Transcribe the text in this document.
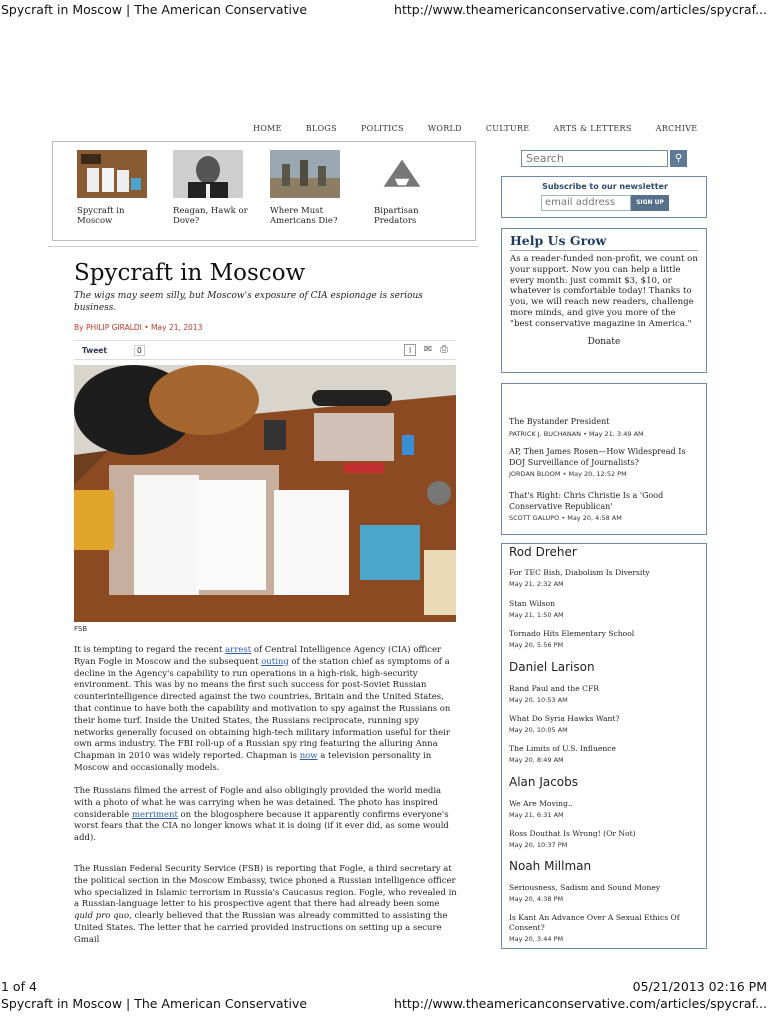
Spycraft in Moscow | The American Conservative	http://www.theamericanconservative.com/articles/spycraf...
HOME	BLOGS	POLITICS	WORLD	CULTURE	ARTS & LETTERS	ARCHIVE
Spycraft in Moscow
Reagan, Hawk or Dove?
Where Must Americans Die?
Bipartisan Predators
Spycraft in Moscow
The wigs may seem silly, but Moscow's exposure of CIA espionage is serious business.
By PHILIP GIRALDI • May 21, 2013
Tweet	0	I	✉ ⎙
FSB

It is tempting to regard the recent arrest of Central Intelligence Agency (CIA) officer Ryan Fogle in Moscow and the subsequent outing of the station chief as symptoms of a decline in the Agency's capability to run operations in a high-risk, high-security environment. This was by no means the first such success for post-Soviet Russian counterintelligence directed against the two countries, Britain and the United States, that continue to have both the capability and motivation to spy against the Russians on their home turf. Inside the United States, the Russians reciprocate, running spy networks generally focused on obtaining high-tech military information useful for their own arms industry. The FBI roll-up of a Russian spy ring featuring the alluring Anna Chapman in 2010 was widely reported. Chapman is now a television personality in Moscow and occasionally models.

The Russians filmed the arrest of Fogle and also obligingly provided the world media with a photo of what he was carrying when he was detained. The photo has inspired considerable merriment on the blogosphere because it apparently confirms everyone's worst fears that the CIA no longer knows what it is doing (if it ever did, as some would add).

The Russian Federal Security Service (FSB) is reporting that Fogle, a third secretary at the political section in the Moscow Embassy, twice phoned a Russian intelligence officer who specialized in Islamic terrorism in Russia's Caucasus region. Fogle, who revealed in a Russian-language letter to his prospective agent that there had already been some quid pro quo, clearly believed that the Russian was already committed to assisting the United States. The letter that he carried provided instructions on setting up a secure Gmail

Search	⚲
Subscribe to our newsletter
email address	SIGN UP
Help Us Grow

As a reader-funded non-profit, we count on your support. Now you can help a little every month: just commit $3, $10, or whatever is comfortable today! Thanks to you, we will reach new readers, challenge more minds, and give you more of the "best conservative magazine in America."

Donate
The Bystander President
PATRICK J. BUCHANAN • May 21, 3:49 AM
AP, Then James Rosen—How Widespread Is DOJ Surveillance of Journalists?
JORDAN BLOOM • May 20, 12:52 PM
That's Right: Chris Christie Is a 'Good Conservative Republican'
SCOTT GALUPO • May 20, 4:58 AM
Rod Dreher
For TEC Bish, Diabolism Is Diversity
May 21, 2:32 AM
Stan Wilson
May 21, 1:50 AM
Tornado Hits Elementary School
May 20, 5:56 PM
Daniel Larison
Rand Paul and the CFR
May 20, 10:53 AM
What Do Syria Hawks Want?
May 20, 10:05 AM
The Limits of U.S. Influence
May 20, 8:49 AM
Alan Jacobs
We Are Moving..
May 21, 6:31 AM
Ross Douthat Is Wrong! (Or Not)
May 20, 10:37 PM
Noah Millman
Seriousness, Sadism and Sound Money
May 20, 4:38 PM
Is Kant An Advance Over A Sexual Ethics Of Consent?
May 20, 3:44 PM
1 of 4	05/21/2013 02:16 PM
Spycraft in Moscow | The American Conservative	http://www.theamericanconservative.com/articles/spycraf...
